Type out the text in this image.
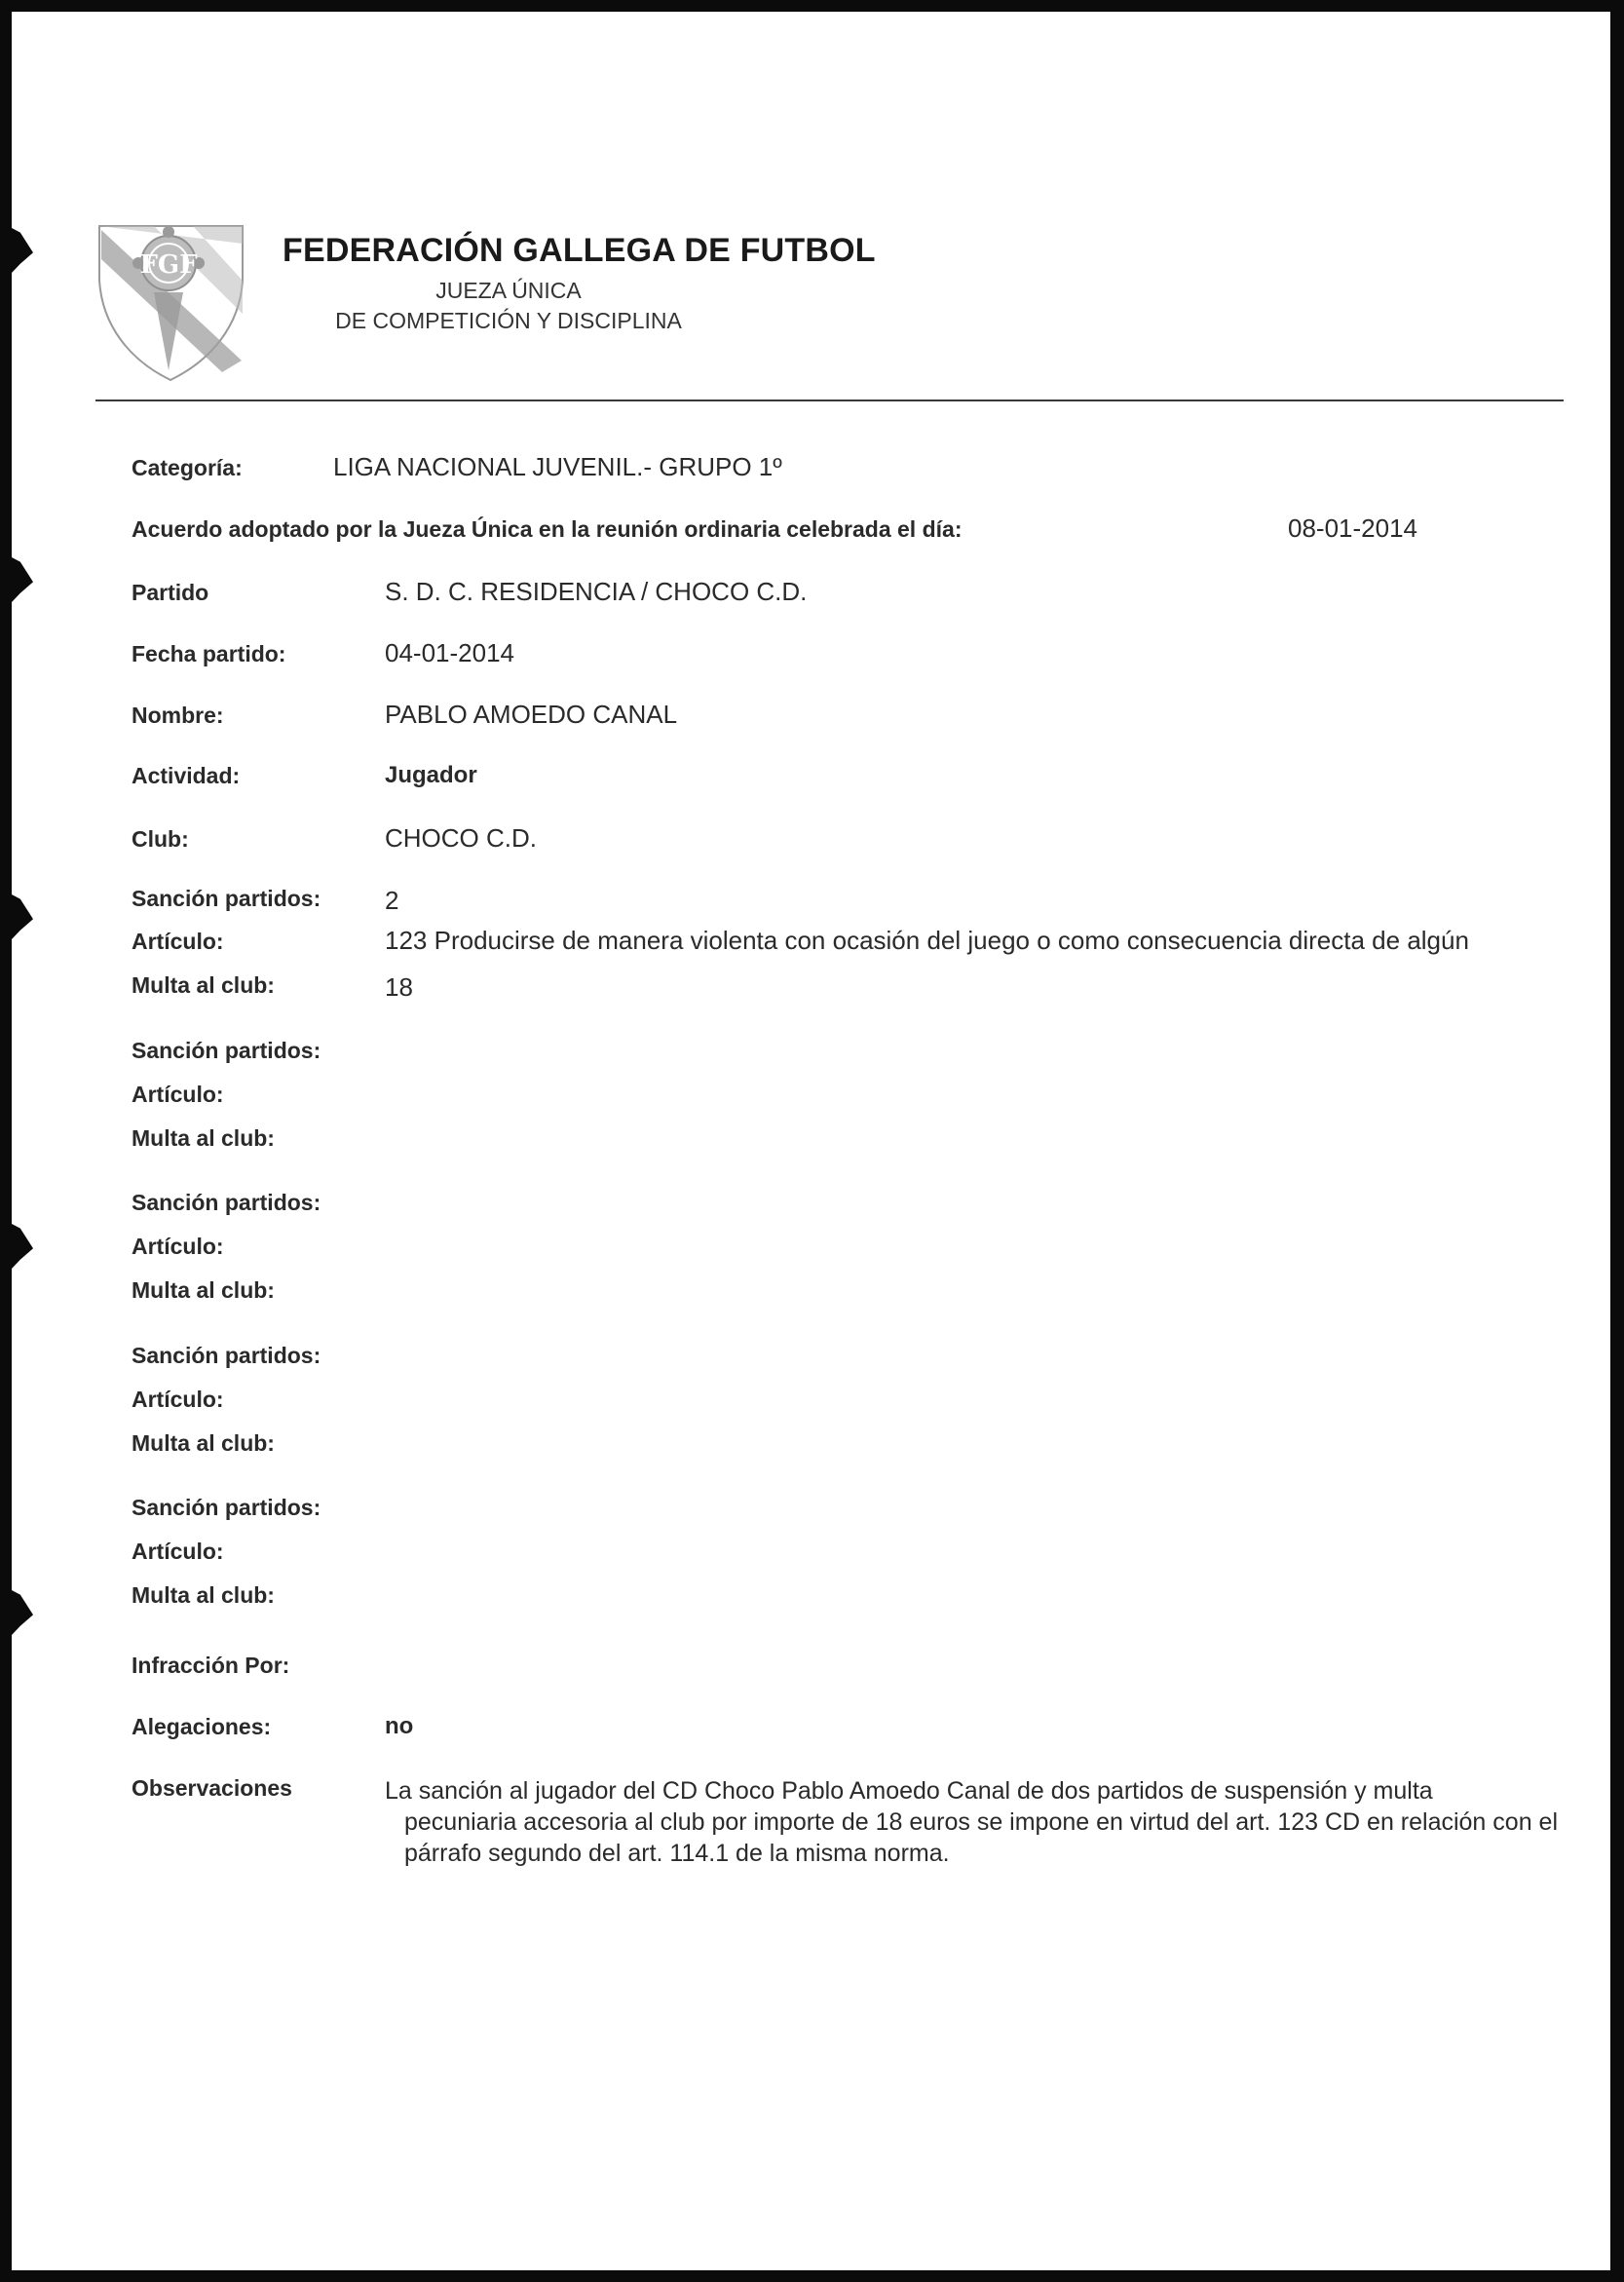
FGF	FEDERACIÓN GALLEGA DE FUTBOL
JUEZA ÚNICA
DE COMPETICIÓN Y DISCIPLINA
Categoría:	LIGA NACIONAL JUVENIL.- GRUPO 1º
Acuerdo adoptado por la Jueza Única en la reunión ordinaria celebrada el día:	08-01-2014
Partido	S. D. C. RESIDENCIA / CHOCO C.D.
Fecha partido:	04-01-2014
Nombre:	PABLO AMOEDO CANAL
Actividad:	Jugador
Club:	CHOCO C.D.
Sanción partidos:	2
Artículo:	123 Producirse de manera violenta con ocasión del juego o como consecuencia directa de algún
Multa al club:	18
Sanción partidos:
Artículo:
Multa al club:
Sanción partidos:
Artículo:
Multa al club:
Sanción partidos:
Artículo:
Multa al club:
Sanción partidos:
Artículo:
Multa al club:
Infracción Por:
Alegaciones:	no
Observaciones	La sanción al jugador del CD Choco Pablo Amoedo Canal de dos partidos de suspensión y multa
pecuniaria accesoria al club por importe de 18 euros se impone en virtud del art. 123 CD en relación con el párrafo segundo del art. 114.1 de la misma norma.
